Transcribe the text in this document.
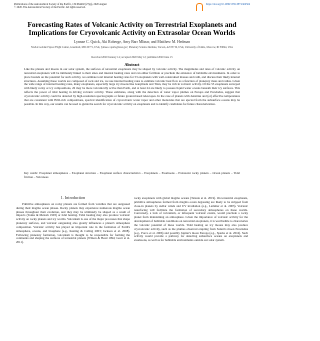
Publications of the Astronomical Society of the Pacific, 132:064402 (27pp), 2020 August
© 2020. The Astronomical Society of the Pacific. All rights reserved.
https://doi.org/10.1088/1538-3873/ab9504
Forecasting Rates of Volcanic Activity on Terrestrial Exoplanets and Implications for Cryovolcanic Activity on Extrasolar Ocean Worlds
Lynnae C. Quick, Aki Roberge, Amy Barr Mlinar, and Matthew M. Hedman
NASA Goddard Space Flight Center, Greenbelt, MD 20771, USA; lynnae.c.quick@nasa.gov; Planetary Science Institute, Tucson, AZ 85719, USA; University of Idaho, Moscow, ID 83844, USA
Received 2020 January 14; accepted 2020 May 12; published 2020 June 15
Abstract
Like the planets and moons in our solar system, the surfaces of terrestrial exoplanets may be shaped by volcanic activity. The magnitudes and rates of volcanic activity on terrestrial exoplanets will be intimately linked to their sizes and internal heating rates and can either facilitate or preclude the existence of habitable environments. In order to place bounds on the potential for such activity, we estimate total internal heating rates for 53 exoplanets with well-constrained masses and radii, and discuss their likely internal structures. Assuming these worlds are composed of rock and ice, we use internal heating rates to estimate volcanic heat flow as a function of planetary mass and radius. Given the wide range of internal heating rates, many exoplanets, especially large icy moons like Ganymede and Titan, may be rich in volcanic activity. Of the 53 exoplanets surveyed with likely rocky or icy compositions, 26 may be more volcanically active than Earth, and at least 24 are likely to possess liquid water oceans beneath their icy surfaces. This reflects the power of tidal heating in driving volcanic activity. These estimates, along with the detection of water vapor plumes on Europa and Enceladus, suggest that cryovolcanic activity could be detected by high-resolution spectrographs or future ground-based telescopes. In the case of planets with densities and (or) effective temperatures that are consistent with H2O-rich compositions, spectral identification of cryovolcanic water vapor and other molecules that are ejected from the subsurface oceans may be possible. In this way, our results can be used to guide the search for cryovolcanic activity on exoplanets and to identify candidates for future characterization.
Key words: Exoplanet atmospheres – Exoplanet structure – Exoplanet surface characteristics – Exoplanets – Exomoons – Extrasolar rocky planets – Ocean planets – Tidal friction – Volcanoes
1. Introduction

Primitive atmospheres on rocky planets are formed from volatiles that are outgassed during their magma ocean phases. Rocky planets may experience numerous magma ocean phases throughout their evolution, and they may be ultimately be shaped as a result of impacts (Tonks & Melosh 1993) or tidal heating. Tidal heating may also produce volcanic activity on rocky planets and icy worlds. Volcanism is one of the major processes that shape planetary surfaces, and volcanic outgassing also greatly influences a planet's atmosphere composition. Volcanic activity has played an important role in the formation of Earth's atmosphere, oceans, and biosphere (e.g., Kasting & Catling 2003; Jackson et al. 2008). Following planetary formation, volcanism is thought to be responsible for forming the continents and shaping the surfaces of terrestrial planets (Wilson & Head 1994; Grott et al. 2011).

rocky exoplanets with global magma oceans (Tatsuta et al. 2019). On terrestrial exoplanets, primitive atmospheres formed from magma ocean degassing are likely to be stripped from close-in planets by stellar winds and UV irradiation (e.g., Lammer et al. 2003). Volcanic resurfacing will facilitate the formation of secondary atmospheres on these worlds. Conversely, a lack of volcanism, or infrequent volcanic events, would preclude a rocky planet from maintaining an atmosphere. Given the importance of volcanic activity for the development of habitable conditions on terrestrial exoplanets, it is worthwhile to characterize the volcanic potential of these worlds. Tidal heating on icy moons may also produce cryovolcanic activity, such as the plumes observed erupting from Saturn's moon Enceladus (e.g., Porco et al. 2006) and possibly Jupiter's moon Europa (e.g., Sparks et al. 2016). Such activity would provide a pathway for detecting subsurface oceans on exoplanets and exomoons, as well as for habitable environments outside our solar system.
